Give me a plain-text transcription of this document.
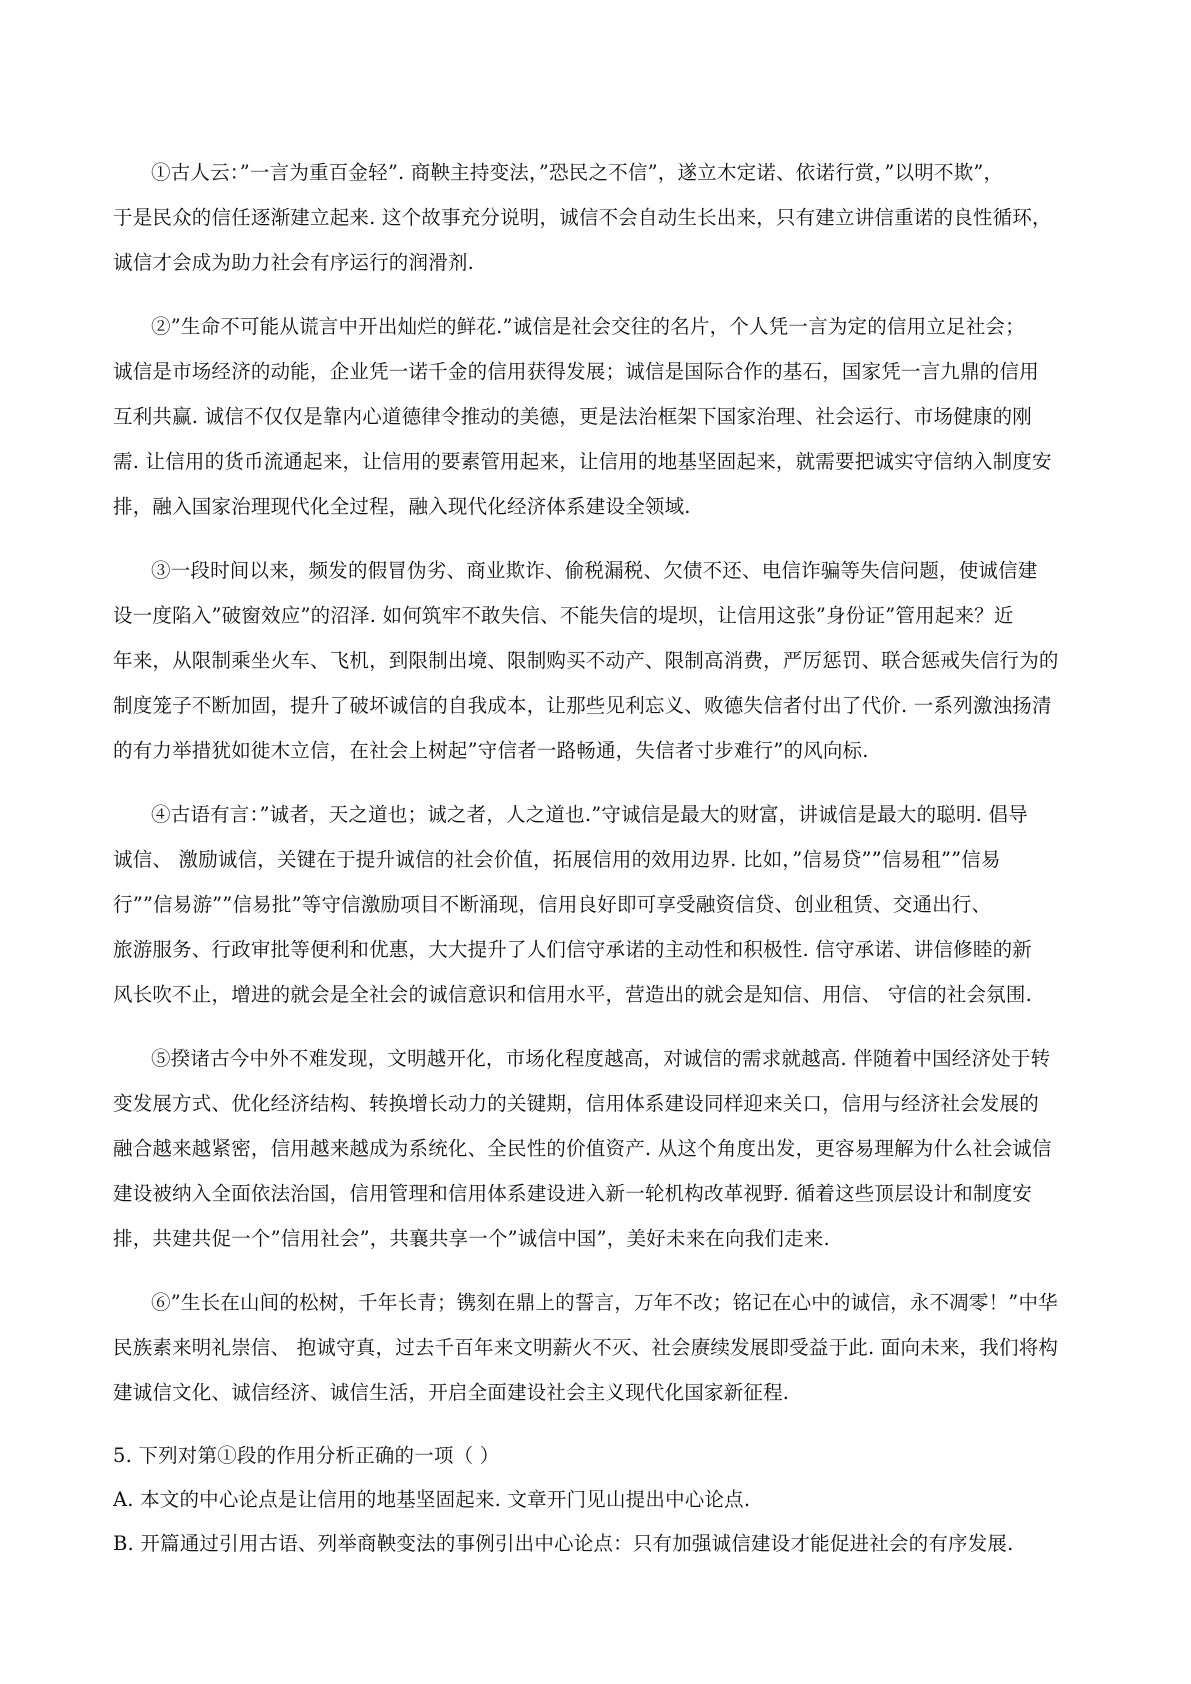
①古人云：”一言为重百金轻”. 商鞅主持变法，”恐民之不信”，遂立木定诺、依诺行赏，”以明不欺”，
于是民众的信任逐渐建立起来. 这个故事充分说明，诚信不会自动生长出来，只有建立讲信重诺的良性循环，
诚信才会成为助力社会有序运行的润滑剂.
②”生命不可能从谎言中开出灿烂的鲜花.”诚信是社会交往的名片，个人凭一言为定的信用立足社会；
诚信是市场经济的动能，企业凭一诺千金的信用获得发展；诚信是国际合作的基石，国家凭一言九鼎的信用
互利共赢. 诚信不仅仅是靠内心道德律令推动的美德，更是法治框架下国家治理、社会运行、市场健康的刚
需. 让信用的货币流通起来，让信用的要素管用起来，让信用的地基坚固起来，就需要把诚实守信纳入制度安
排，融入国家治理现代化全过程，融入现代化经济体系建设全领域.
③一段时间以来，频发的假冒伪劣、商业欺诈、偷税漏税、欠债不还、电信诈骗等失信问题，使诚信建
设一度陷入”破窗效应”的沼泽. 如何筑牢不敢失信、不能失信的堤坝，让信用这张”身份证”管用起来？近
年来，从限制乘坐火车、飞机，到限制出境、限制购买不动产、限制高消费，严厉惩罚、联合惩戒失信行为的
制度笼子不断加固，提升了破坏诚信的自我成本，让那些见利忘义、败德失信者付出了代价. 一系列激浊扬清
的有力举措犹如徙木立信，在社会上树起”守信者一路畅通，失信者寸步难行”的风向标.
④古语有言：”诚者，天之道也；诚之者，人之道也.”守诚信是最大的财富，讲诚信是最大的聪明. 倡导
诚信、 激励诚信，关键在于提升诚信的社会价值，拓展信用的效用边界. 比如，”信易贷””信易租””信易
行””信易游””信易批”等守信激励项目不断涌现，信用良好即可享受融资信贷、创业租赁、交通出行、
旅游服务、行政审批等便利和优惠，大大提升了人们信守承诺的主动性和积极性. 信守承诺、讲信修睦的新
风长吹不止，增进的就会是全社会的诚信意识和信用水平，营造出的就会是知信、用信、 守信的社会氛围.
⑤揆诸古今中外不难发现，文明越开化，市场化程度越高，对诚信的需求就越高. 伴随着中国经济处于转
变发展方式、优化经济结构、转换增长动力的关键期，信用体系建设同样迎来关口，信用与经济社会发展的
融合越来越紧密，信用越来越成为系统化、全民性的价值资产. 从这个角度出发，更容易理解为什么社会诚信
建设被纳入全面依法治国，信用管理和信用体系建设进入新一轮机构改革视野. 循着这些顶层设计和制度安
排，共建共促一个”信用社会”，共襄共享一个”诚信中国”，美好未来在向我们走来.
⑥”生长在山间的松树，千年长青；镌刻在鼎上的誓言，万年不改；铭记在心中的诚信，永不凋零！”中华
民族素来明礼崇信、 抱诚守真，过去千百年来文明薪火不灭、社会赓续发展即受益于此. 面向未来，我们将构
建诚信文化、诚信经济、诚信生活，开启全面建设社会主义现代化国家新征程.
5. 下列对第①段的作用分析正确的一项（ ）
A. 本文的中心论点是让信用的地基坚固起来. 文章开门见山提出中心论点.
B. 开篇通过引用古语、列举商鞅变法的事例引出中心论点：只有加强诚信建设才能促进社会的有序发展.
